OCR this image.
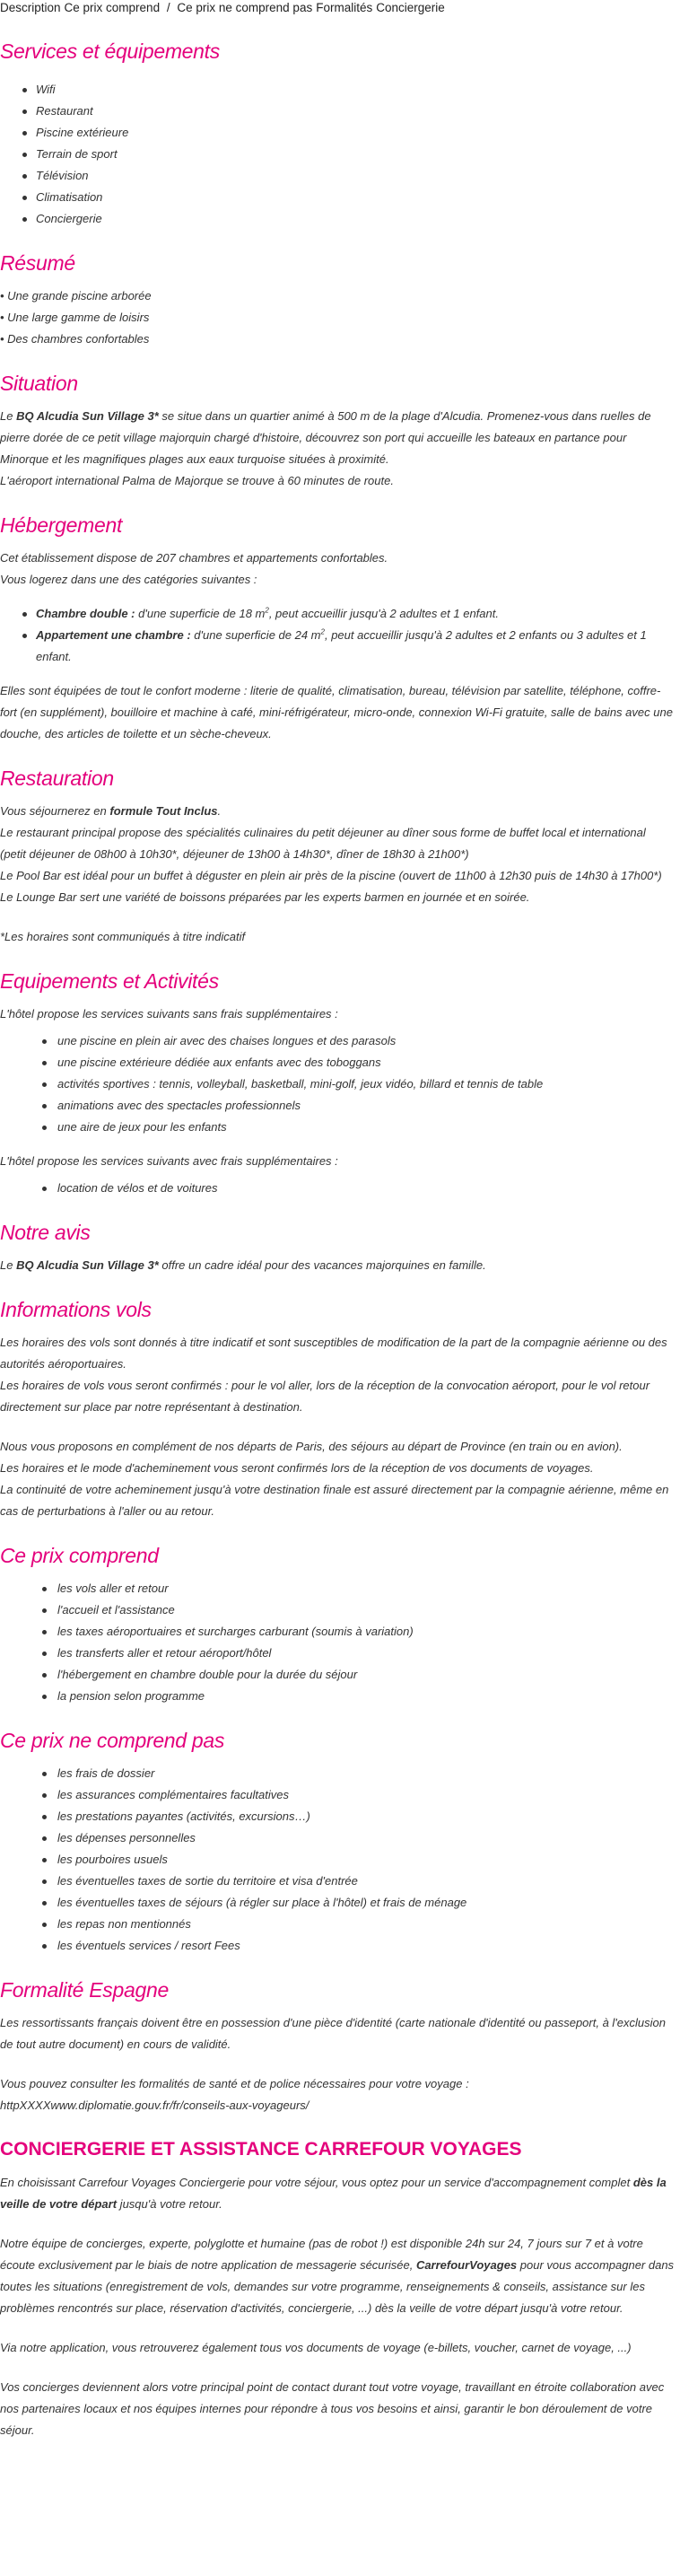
Description Ce prix comprend / Ce prix ne comprend pas Formalités Conciergerie
Services et équipements
Wifi
Restaurant
Piscine extérieure
Terrain de sport
Télévision
Climatisation
Conciergerie
Résumé
• Une grande piscine arborée
• Une large gamme de loisirs
• Des chambres confortables
Situation

Le BQ Alcudia Sun Village 3* se situe dans un quartier animé à 500 m de la plage d'Alcudia. Promenez-vous dans ruelles de pierre dorée de ce petit village majorquin chargé d'histoire, découvrez son port qui accueille les bateaux en partance pour Minorque et les magnifiques plages aux eaux turquoise situées à proximité.

L'aéroport international Palma de Majorque se trouve à 60 minutes de route.

Hébergement

Cet établissement dispose de 207 chambres et appartements confortables.

Vous logerez dans une des catégories suivantes :

Chambre double : d'une superficie de 18 $m^2$, peut accueillir jusqu'à 2 adultes et 1 enfant.
Appartement une chambre : d'une superficie de 24 $m^2$, peut accueillir jusqu'à 2 adultes et 2 enfants ou 3 adultes et 1 enfant.

Elles sont équipées de tout le confort moderne : literie de qualité, climatisation, bureau, télévision par satellite, téléphone, coffre-fort (en supplément), bouilloire et machine à café, mini-réfrigérateur, micro-onde, connexion Wi-Fi gratuite, salle de bains avec une douche, des articles de toilette et un sèche-cheveux.

Restauration

Vous séjournerez en formule Tout Inclus.

Le restaurant principal propose des spécialités culinaires du petit déjeuner au dîner sous forme de buffet local et international (petit déjeuner de 08h00 à 10h30*, déjeuner de 13h00 à 14h30*, dîner de 18h30 à 21h00*)

Le Pool Bar est idéal pour un buffet à déguster en plein air près de la piscine (ouvert de 11h00 à 12h30 puis de 14h30 à 17h00*)

Le Lounge Bar sert une variété de boissons préparées par les experts barmen en journée et en soirée.

*Les horaires sont communiqués à titre indicatif

Equipements et Activités

L'hôtel propose les services suivants sans frais supplémentaires :

une piscine en plein air avec des chaises longues et des parasols
une piscine extérieure dédiée aux enfants avec des toboggans
activités sportives : tennis, volleyball, basketball, mini-golf, jeux vidéo, billard et tennis de table
animations avec des spectacles professionnels
une aire de jeux pour les enfants

L'hôtel propose les services suivants avec frais supplémentaires :

location de vélos et de voitures
Notre avis

Le BQ Alcudia Sun Village 3* offre un cadre idéal pour des vacances majorquines en famille.

Informations vols

Les horaires des vols sont donnés à titre indicatif et sont susceptibles de modification de la part de la compagnie aérienne ou des autorités aéroportuaires.

Les horaires de vols vous seront confirmés : pour le vol aller, lors de la réception de la convocation aéroport, pour le vol retour directement sur place par notre représentant à destination.

Nous vous proposons en complément de nos départs de Paris, des séjours au départ de Province (en train ou en avion).

Les horaires et le mode d'acheminement vous seront confirmés lors de la réception de vos documents de voyages.

La continuité de votre acheminement jusqu'à votre destination finale est assuré directement par la compagnie aérienne, même en cas de perturbations à l'aller ou au retour.

Ce prix comprend
les vols aller et retour
l'accueil et l'assistance
les taxes aéroportuaires et surcharges carburant (soumis à variation)
les transferts aller et retour aéroport/hôtel
l'hébergement en chambre double pour la durée du séjour
la pension selon programme
Ce prix ne comprend pas
les frais de dossier
les assurances complémentaires facultatives
les prestations payantes (activités, excursions…)
les dépenses personnelles
les pourboires usuels
les éventuelles taxes de sortie du territoire et visa d'entrée
les éventuelles taxes de séjours (à régler sur place à l'hôtel) et frais de ménage
les repas non mentionnés
les éventuels services / resort Fees
Formalité Espagne

Les ressortissants français doivent être en possession d'une pièce d'identité (carte nationale d'identité ou passeport, à l'exclusion de tout autre document) en cours de validité.

Vous pouvez consulter les formalités de santé et de police nécessaires pour votre voyage :

httpXXXXwww.diplomatie.gouv.fr/fr/conseils-aux-voyageurs/

CONCIERGERIE ET ASSISTANCE CARREFOUR VOYAGES

En choisissant Carrefour Voyages Conciergerie pour votre séjour, vous optez pour un service d'accompagnement complet dès la veille de votre départ jusqu'à votre retour.

Notre équipe de concierges, experte, polyglotte et humaine (pas de robot !) est disponible 24h sur 24, 7 jours sur 7 et à votre écoute exclusivement par le biais de notre application de messagerie sécurisée, CarrefourVoyages pour vous accompagner dans toutes les situations (enregistrement de vols, demandes sur votre programme, renseignements & conseils, assistance sur les problèmes rencontrés sur place, réservation d'activités, conciergerie, ...) dès la veille de votre départ jusqu'à votre retour.

Via notre application, vous retrouverez également tous vos documents de voyage (e-billets, voucher, carnet de voyage, ...)

Vos concierges deviennent alors votre principal point de contact durant tout votre voyage, travaillant en étroite collaboration avec nos partenaires locaux et nos équipes internes pour répondre à tous vos besoins et ainsi, garantir le bon déroulement de votre séjour.
